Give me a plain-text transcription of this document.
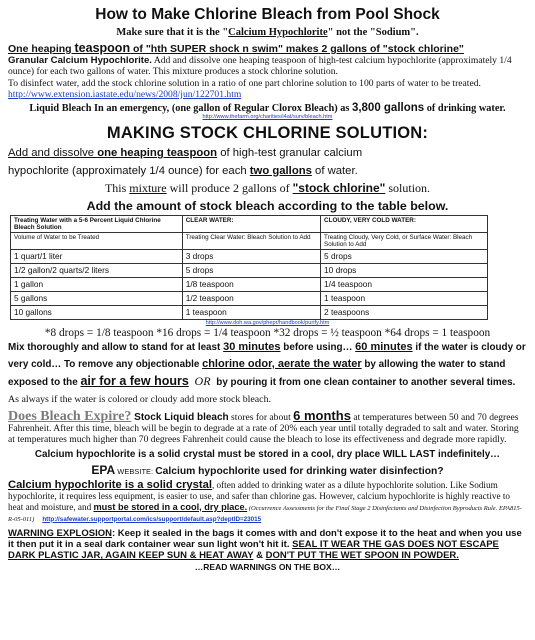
How to Make Chlorine Bleach from Pool Shock
Make sure that it is the "Calcium Hypochlorite" not the "Sodium".

One heaping teaspoon of "hth SUPER shock n swim" makes 2 gallons of "stock chlorine"

Granular Calcium Hypochlorite. Add and dissolve one heaping teaspoon of high-test calcium hypochlorite (approximately 1/4 ounce) for each two gallons of water. This mixture produces a stock chlorine solution.

To disinfect water, add the stock chlorine solution in a ratio of one part chlorine solution to 100 parts of water to be treated. http://www.extension.iastate.edu/news/2008/jun/122701.htm

Liquid Bleach In an emergency, (one gallon of Regular Clorox Bleach) as 3,800 gallons of drinking water.

http://www.thefarm.org/charities/i4at/surv/bleach.htm

MAKING STOCK CHLORINE SOLUTION:

Add and dissolve one heaping teaspoon of high-test granular calcium

hypochlorite (approximately 1/4 ounce) for each two gallons of water.

This mixture will produce 2 gallons of "stock chlorine" solution.

Add the amount of stock bleach according to the table below.
Treating Water with a 5-6 Percent Liquid Chlorine Bleach Solution	CLEAR WATER:	CLOUDY, VERY COLD WATER:
Volume of Water to be Treated	Treating Clear Water: Bleach Solution to Add	Treating Cloudy, Very Cold, or Surface Water: Bleach Solution to Add
1 quart/1 liter	3 drops	5 drops
1/2 gallon/2 quarts/2 liters	5 drops	10 drops
1 gallon	1/8 teaspoon	1/4 teaspoon
5 gallons	1/2 teaspoon	1 teaspoon
10 gallons	1 teaspoon	2 teaspoons

http://www.doh.wa.gov/phepr/handbook/purify.htm

*8 drops = 1/8 teaspoon *16 drops = 1/4 teaspoon *32 drops = ½ teaspoon *64 drops = 1 teaspoon

Mix thoroughly and allow to stand for at least 30 minutes before using… 60 minutes if the water is cloudy or very cold… To remove any objectionable chlorine odor, aerate the water by allowing the water to stand exposed to the air for a few hours OR by pouring it from one clean container to another several times. As always if the water is colored or cloudy add more stock bleach.

Does Bleach Expire? Stock Liquid bleach stores for about 6 months at temperatures between 50 and 70 degrees Fahrenheit. After this time, bleach will be begin to degrade at a rate of 20% each year until totally degraded to salt and water. Storing at temperatures much higher than 70 degrees Fahrenheit could cause the bleach to lose its effectiveness and degrade more rapidly.

Calcium hypochlorite is a solid crystal must be stored in a cool, dry place WILL LAST indefinitely…

EPA WEBSITE: Calcium hypochlorite used for drinking water disinfection?

Calcium hypochlorite is a solid crystal, often added to drinking water as a dilute hypochlorite solution. Like Sodium hypochlorite, it requires less equipment, is easier to use, and safer than chlorine gas. However, calcium hypochlorite is highly reactive to heat and moisture, and must be stored in a cool, dry place. (Occurrence Assessments for the Final Stage 2 Disinfectants and Disinfection Byproducts Rule. EPA815-R-05-011) http://safewater.supportportal.com/ics/support/default.asp?deptID=23015

WARNING EXPLOSION: Keep it sealed in the bags it comes with and don't expose it to the heat and when you use it then put it in a seal dark container wear sun light won't hit it. SEAL IT WEAR THE GAS DOES NOT ESCAPE DARK PLASTIC JAR, AGAIN KEEP SUN & HEAT AWAY & DON'T PUT THE WET SPOON IN POWDER.

…READ WARNINGS ON THE BOX…
